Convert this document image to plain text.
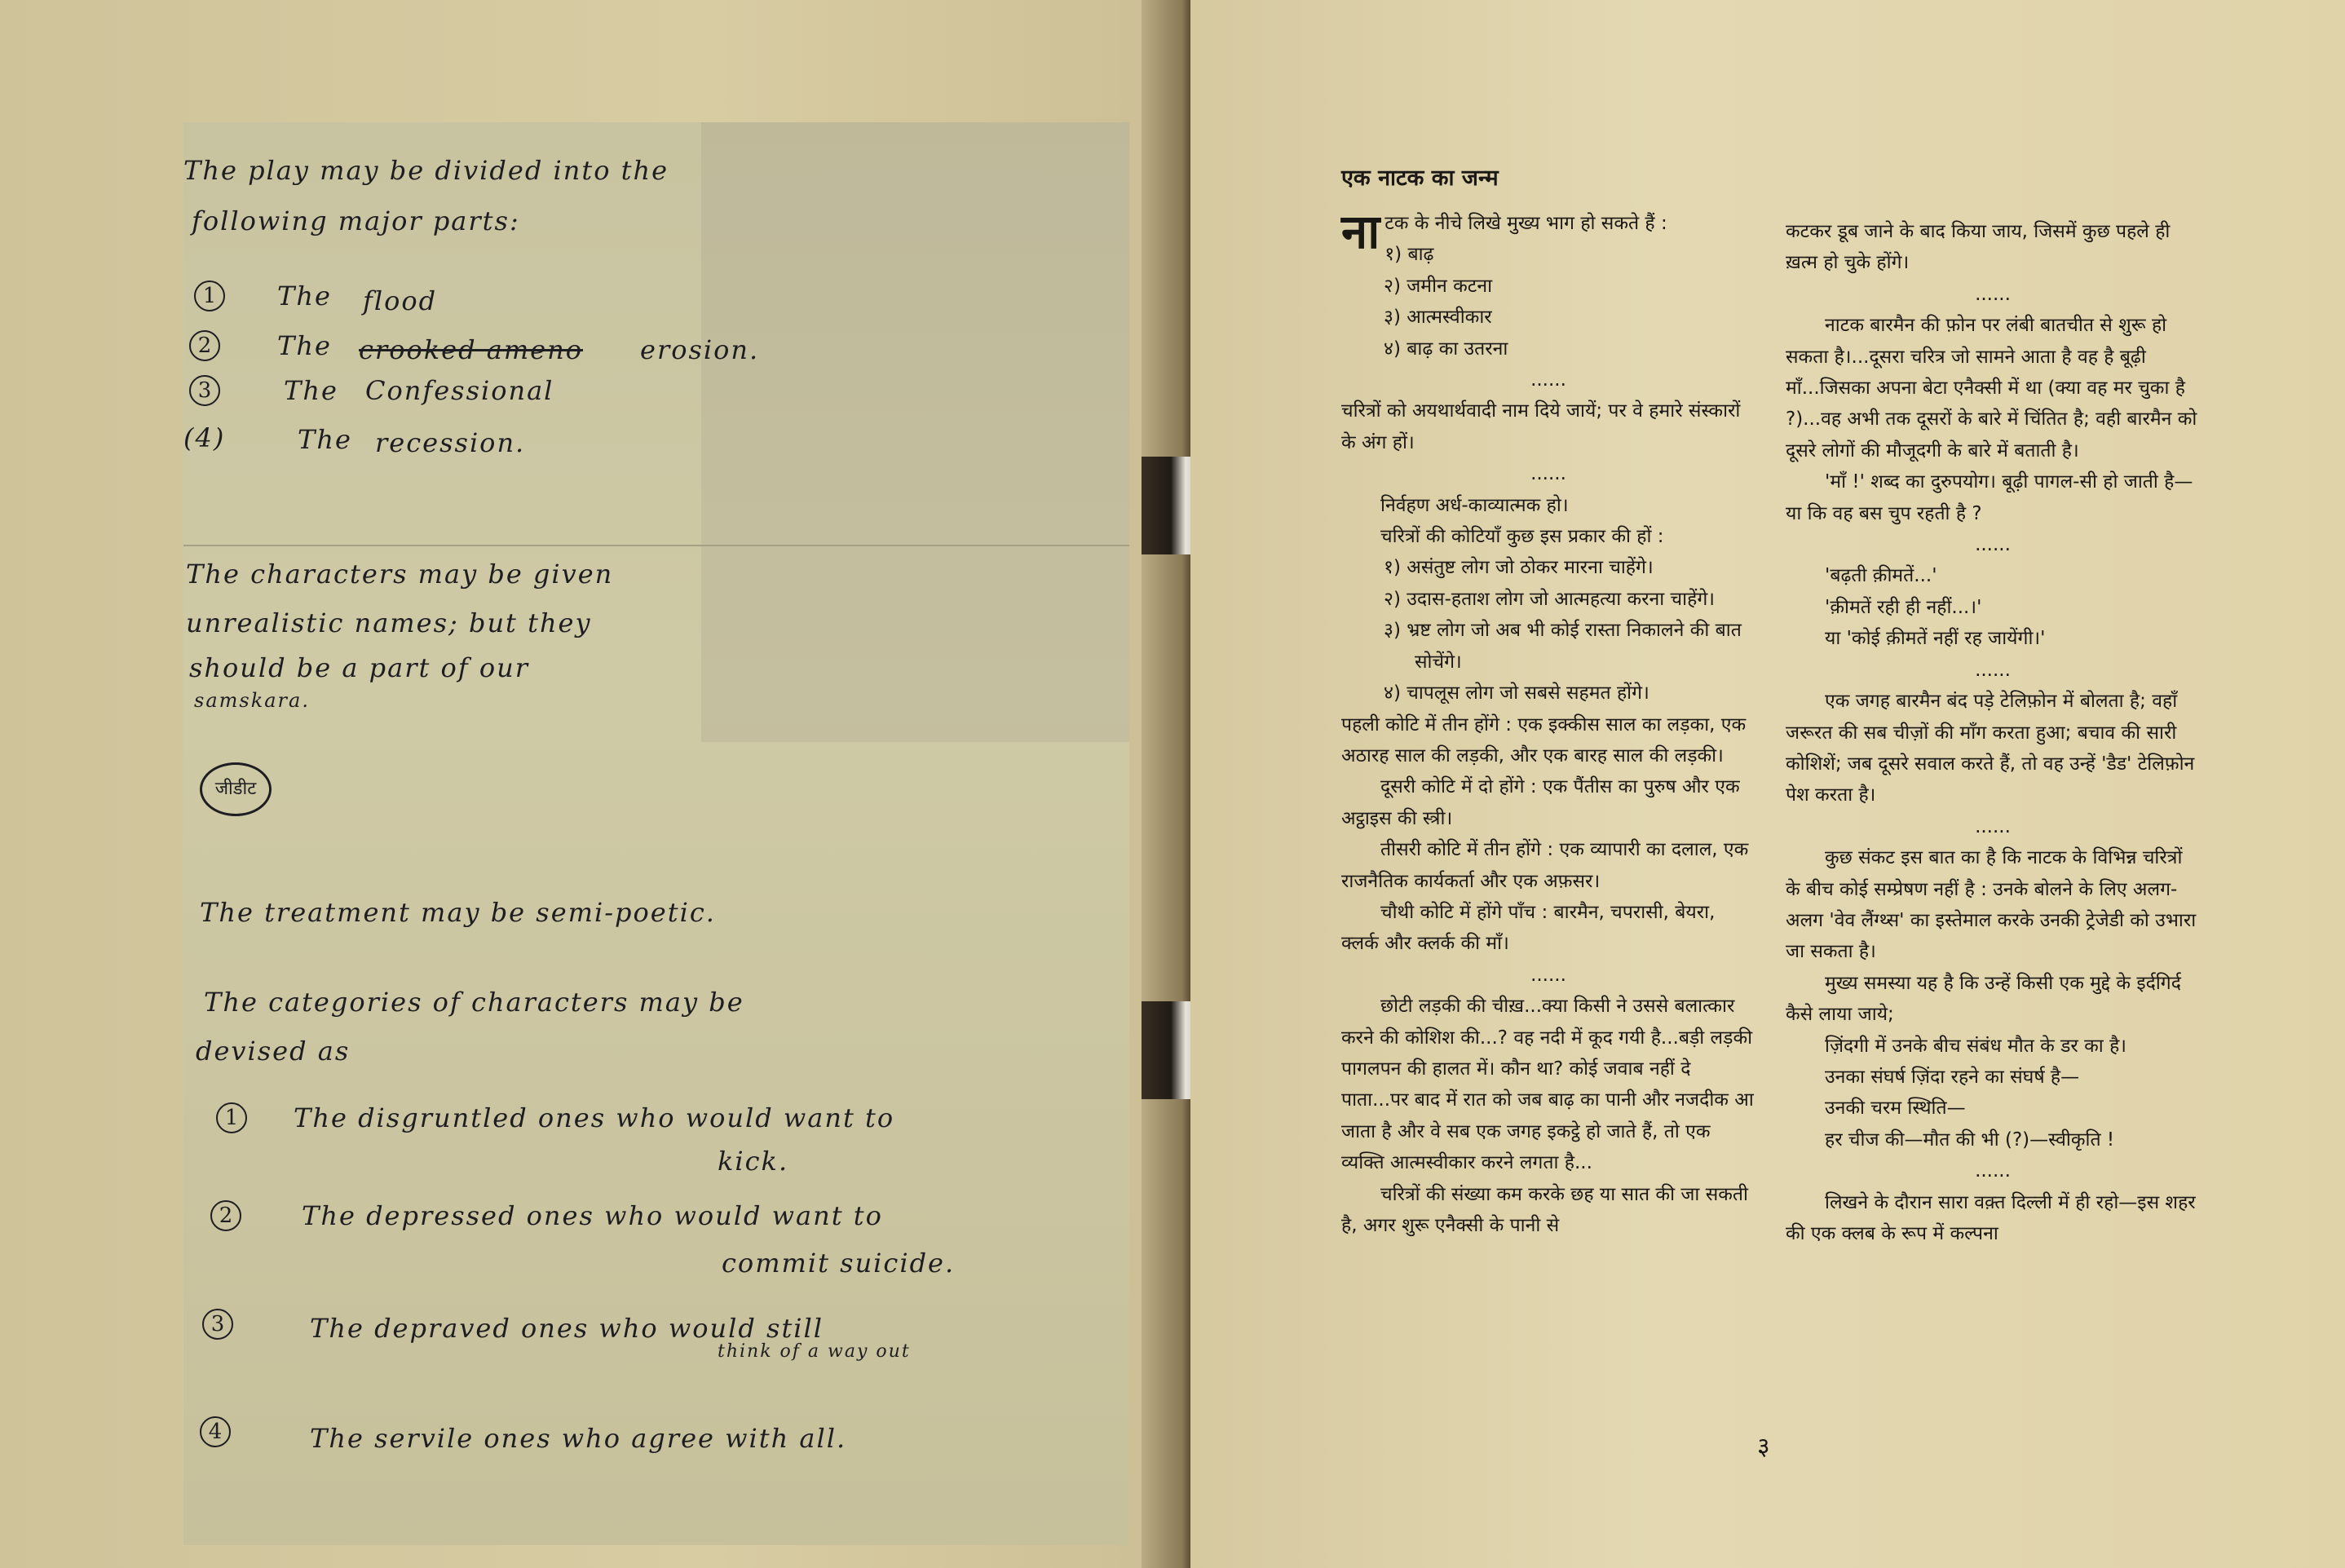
The play may be divided into the
following major parts:
1	The flood
2	The crooked ameno erosion.
3	The Confessional
(4)	The recession.
The characters may be given
unrealistic names; but they
should be a part of our
samskara.
जीडीट
The treatment may be semi-poetic.
The categories of characters may be
devised as
1	The disgruntled ones who would want to
kick.
2	The depressed ones who would want to
commit suicide.
3	The depraved ones who would still
think of a way out
4	The servile ones who agree with all.
एक नाटक का जन्म

नाटक के नीचे लिखे मुख्य भाग हो सकते हैं :

१) बाढ़

२) जमीन कटना

३) आत्मस्वीकार

४) बाढ़ का उतरना

......

चरित्रों को अयथार्थवादी नाम दिये जायें; पर वे हमारे संस्कारों के अंग हों।

......

निर्वहण अर्ध-काव्यात्मक हो।

चरित्रों की कोटियाँ कुछ इस प्रकार की हों :

१) असंतुष्ट लोग जो ठोकर मारना चाहेंगे।

२) उदास-हताश लोग जो आत्महत्या करना चाहेंगे।

३) भ्रष्ट लोग जो अब भी कोई रास्ता निकालने की बात सोचेंगे।

४) चापलूस लोग जो सबसे सहमत होंगे।

पहली कोटि में तीन होंगे : एक इक्कीस साल का लड़का, एक अठारह साल की लड़की, और एक बारह साल की लड़की।

दूसरी कोटि में दो होंगे : एक पैंतीस का पुरुष और एक अट्ठाइस की स्त्री।

तीसरी कोटि में तीन होंगे : एक व्यापारी का दलाल, एक राजनैतिक कार्यकर्ता और एक अफ़सर।

चौथी कोटि में होंगे पाँच : बारमैन, चपरासी, बेयरा, क्लर्क और क्लर्क की माँ।

......

छोटी लड़की की चीख़...क्या किसी ने उससे बलात्कार करने की कोशिश की...? वह नदी में कूद गयी है...बड़ी लड़की पागलपन की हालत में। कौन था? कोई जवाब नहीं दे पाता...पर बाद में रात को जब बाढ़ का पानी और नजदीक आ जाता है और वे सब एक जगह इकट्ठे हो जाते हैं, तो एक व्यक्ति आत्मस्वीकार करने लगता है...

चरित्रों की संख्या कम करके छह या सात की जा सकती है, अगर शुरू एनैक्सी के पानी से

कटकर डूब जाने के बाद किया जाय, जिसमें कुछ पहले ही ख़त्म हो चुके होंगे।

......

नाटक बारमैन की फ़ोन पर लंबी बातचीत से शुरू हो सकता है।...दूसरा चरित्र जो सामने आता है वह है बूढ़ी माँ...जिसका अपना बेटा एनैक्सी में था (क्या वह मर चुका है ?)...वह अभी तक दूसरों के बारे में चिंतित है; वही बारमैन को दूसरे लोगों की मौजूदगी के बारे में बताती है।

'माँ !' शब्द का दुरुपयोग। बूढ़ी पागल-सी हो जाती है—या कि वह बस चुप रहती है ?

......

'बढ़ती क़ीमतें...'

'क़ीमतें रही ही नहीं...।'

या 'कोई क़ीमतें नहीं रह जायेंगी।'

......

एक जगह बारमैन बंद पड़े टेलिफ़ोन में बोलता है; वहाँ जरूरत की सब चीज़ों की माँग करता हुआ; बचाव की सारी कोशिशें; जब दूसरे सवाल करते हैं, तो वह उन्हें 'डैड' टेलिफ़ोन पेश करता है।

......

कुछ संकट इस बात का है कि नाटक के विभिन्न चरित्रों के बीच कोई सम्प्रेषण नहीं है : उनके बोलने के लिए अलग-अलग 'वेव लैंग्थ्स' का इस्तेमाल करके उनकी ट्रेजेडी को उभारा जा सकता है।

मुख्य समस्या यह है कि उन्हें किसी एक मुद्दे के इर्दगिर्द कैसे लाया जाये;

ज़िंदगी में उनके बीच संबंध मौत के डर का है।

उनका संघर्ष ज़िंदा रहने का संघर्ष है—

उनकी चरम स्थिति—

हर चीज की—मौत की भी (?)—स्वीकृति !

......

लिखने के दौरान सारा वक़्त दिल्ली में ही रहो—इस शहर की एक क्लब के रूप में कल्पना

३
